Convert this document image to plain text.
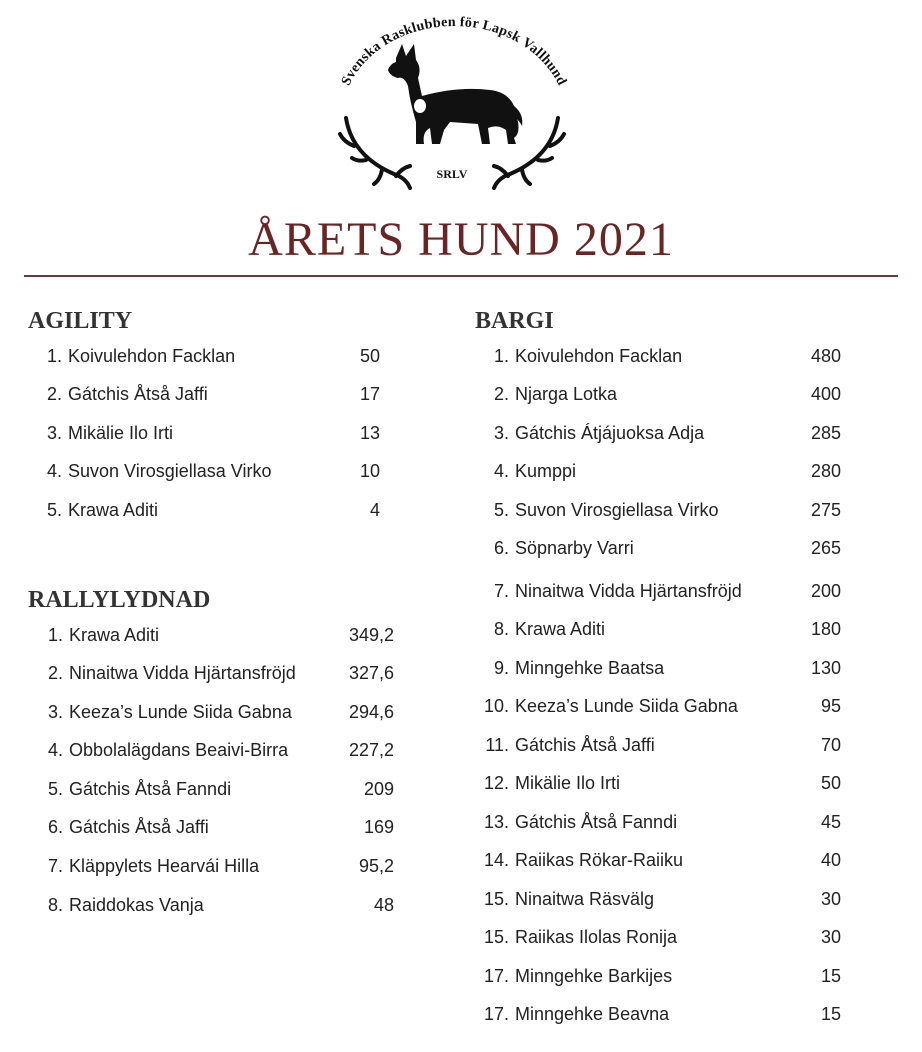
Svenska Rasklubben för Lapsk Vallhund
SRLV
ÅRETS HUND 2021
AGILITY
1. Koivulehdon Facklan	50
2. Gátchis Åtså Jaffi	17
3. Mikälie Ilo Irti	13
4. Suvon Virosgiellasa Virko	10
5. Krawa Aditi	4
RALLYLYDNAD
1. Krawa Aditi	349,2
2. Ninaitwa Vidda Hjärtansfröjd	327,6
3. Keeza’s Lunde Siida Gabna	294,6
4. Obbolalägdans Beaivi-Birra	227,2
5. Gátchis Åtså Fanndi	209
6. Gátchis Åtså Jaffi	169
7. Kläppylets Hearvái Hilla	95,2
8. Raiddokas Vanja	48
BARGI
1. Koivulehdon Facklan	480
2. Njarga Lotka	400
3. Gátchis Átjájuoksa Adja	285
4. Kumppi	280
5. Suvon Virosgiellasa Virko	275
6. Söpnarby Varri	265
7. Ninaitwa Vidda Hjärtansfröjd	200
8. Krawa Aditi	180
9. Minngehke Baatsa	130
10. Keeza’s Lunde Siida Gabna	95
11. Gátchis Åtså Jaffi	70
12. Mikälie Ilo Irti	50
13. Gátchis Åtså Fanndi	45
14. Raiikas Rökar-Raiiku	40
15. Ninaitwa Räsvälg	30
15. Raiikas Ilolas Ronija	30
17. Minngehke Barkijes	15
17. Minngehke Beavna	15
